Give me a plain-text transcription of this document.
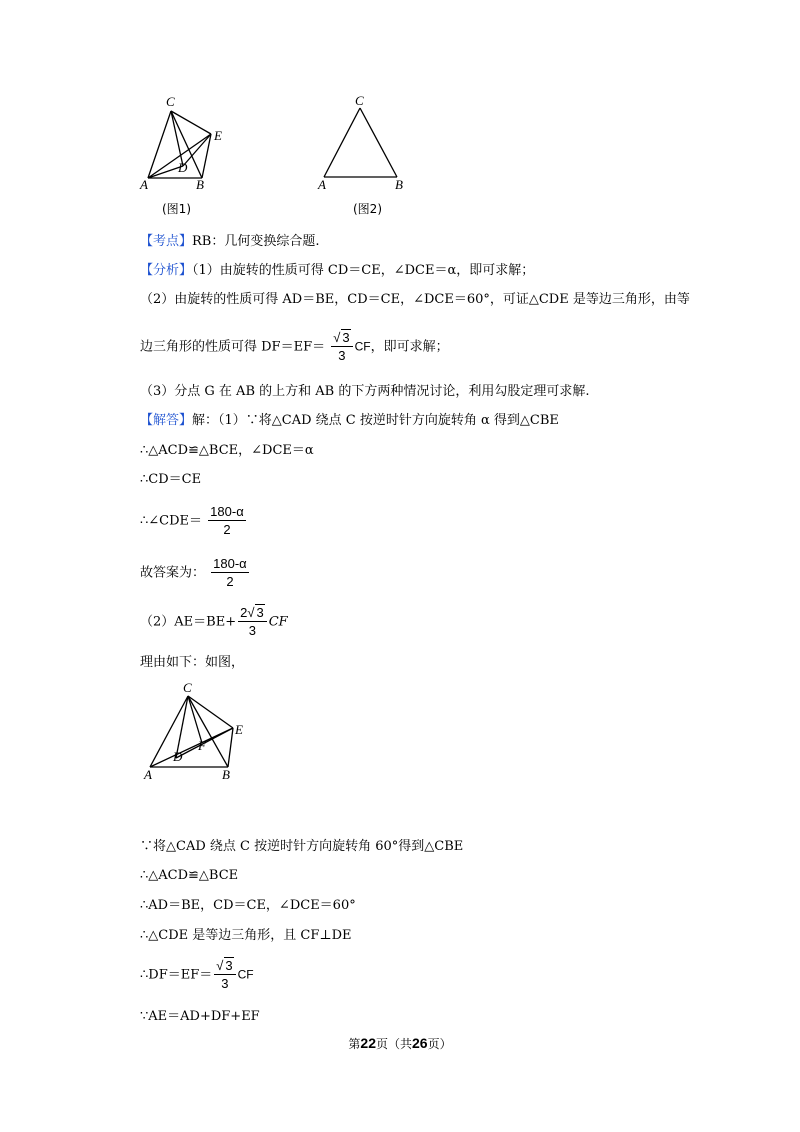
C
E
D
A	B
(图1)
C
A	B
(图2)
【考点】RB：几何变换综合题.
【分析】（1）由旋转的性质可得 CD＝CE，∠DCE＝α，即可求解；
（2）由旋转的性质可得 AD＝BE，CD＝CE，∠DCE＝60°，可证△CDE 是等边三角形，由等
边三角形的性质可得 $DF=EF= \frac{√ 3}{3}$ CF，即可求解；
（3）分点 G 在 AB 的上方和 AB 的下方两种情况讨论，利用勾股定理可求解.
【解答】解：（1）∵将△CAD 绕点 C 按逆时针方向旋转角 α 得到△CBE
∴△ACD≌△BCE，∠DCE＝α
∴CD＝CE
∴∠CDE＝ $\frac{180-\alpha}{2}$
故答案为： $\frac{180-\alpha}{2}$
$(2)AE=BE+ \frac{2√ 3}{3}$ CF
理由如下：如图，
C
E
F
D
A	B
∵将△CAD 绕点 C 按逆时针方向旋转角 60°得到△CBE
∴△ACD≌△BCE
∴AD＝BE，CD＝CE，∠DCE＝60°
∴△CDE 是等边三角形，且 CF⊥DE
∴DF＝EF＝ $\frac{√ 3}{3}$ CF
∵AE＝AD+DF+EF
第22页（共26页）
